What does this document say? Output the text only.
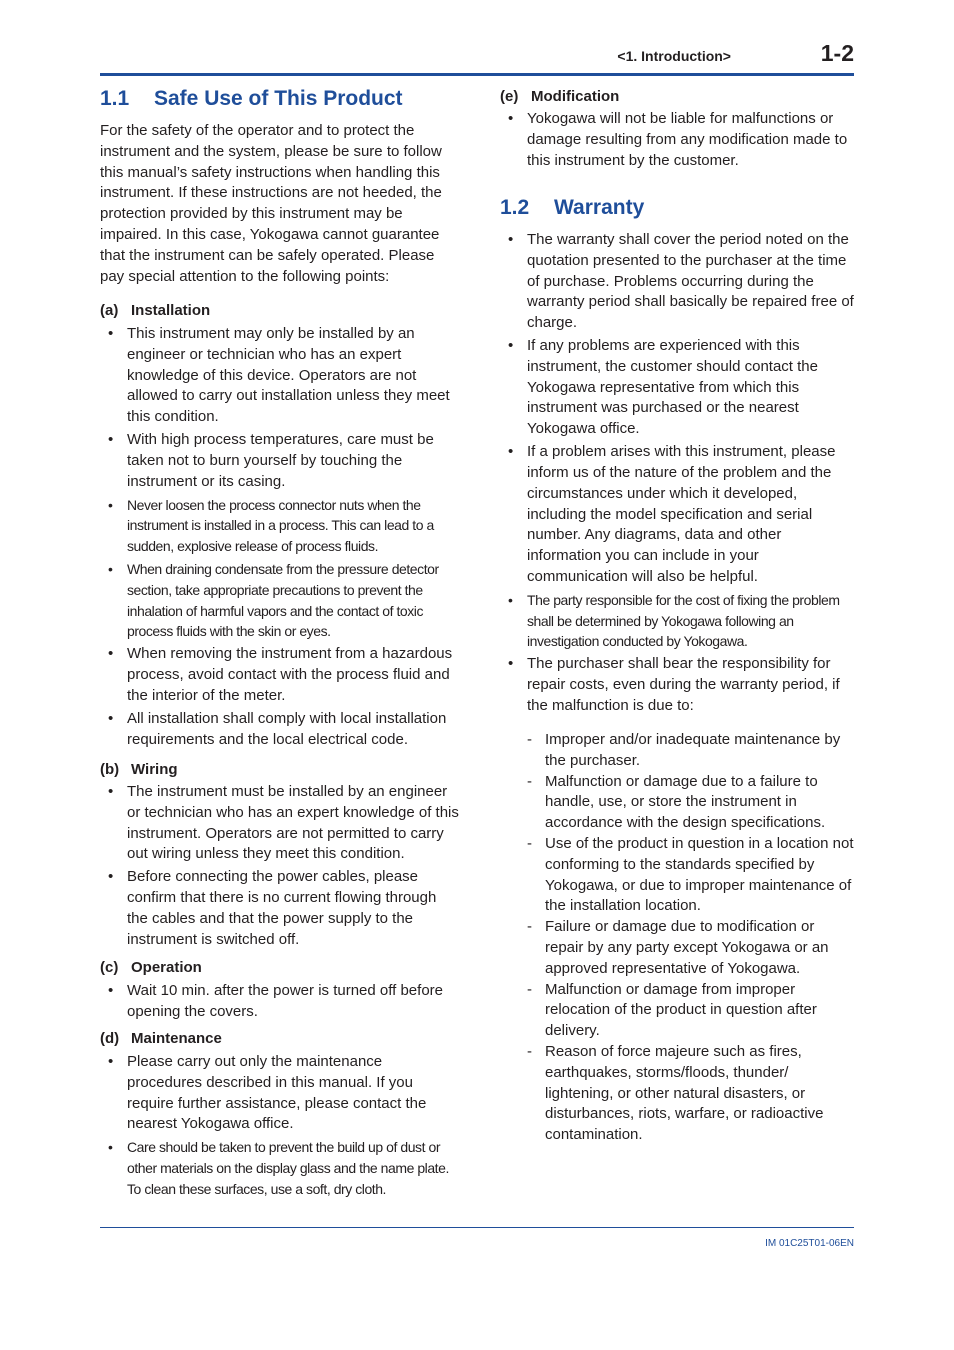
<1. Introduction>	1-2
1.1 Safe Use of This Product

For the safety of the operator and to protect the instrument and the system, please be sure to follow this manual’s safety instructions when handling this instrument. If these instructions are not heeded, the protection provided by this instrument may be impaired. In this case, Yokogawa cannot guarantee that the instrument can be safely operated. Please pay special attention to the following points:

(a) Installation
• This instrument may only be installed by an engineer or technician who has an expert knowledge of this device. Operators are not allowed to carry out installation unless they meet this condition.
• With high process temperatures, care must be taken not to burn yourself by touching the instrument or its casing.
• Never loosen the process connector nuts when the instrument is installed in a process. This can lead to a sudden, explosive release of process fluids.
• When draining condensate from the pressure detector section, take appropriate precautions to prevent the inhalation of harmful vapors and the contact of toxic process fluids with the skin or eyes.
• When removing the instrument from a hazardous process, avoid contact with the process fluid and the interior of the meter.
• All installation shall comply with local installation requirements and the local electrical code.
(b) Wiring
• The instrument must be installed by an engineer or technician who has an expert knowledge of this instrument. Operators are not permitted to carry out wiring unless they meet this condition.
• Before connecting the power cables, please confirm that there is no current flowing through the cables and that the power supply to the instrument is switched off.
(c) Operation
• Wait 10 min. after the power is turned off before opening the covers.
(d) Maintenance
• Please carry out only the maintenance procedures described in this manual. If you require further assistance, please contact the nearest Yokogawa office.
• Care should be taken to prevent the build up of dust or other materials on the display glass and the name plate. To clean these surfaces, use a soft, dry cloth.
(e) Modification
• Yokogawa will not be liable for malfunctions or damage resulting from any modification made to this instrument by the customer.
1.2 Warranty
• The warranty shall cover the period noted on the quotation presented to the purchaser at the time of purchase. Problems occurring during the warranty period shall basically be repaired free of charge.
• If any problems are experienced with this instrument, the customer should contact the Yokogawa representative from which this instrument was purchased or the nearest Yokogawa office.
• If a problem arises with this instrument, please inform us of the nature of the problem and the circumstances under which it developed, including the model specification and serial number. Any diagrams, data and other information you can include in your communication will also be helpful.
• The party responsible for the cost of fixing the problem shall be determined by Yokogawa following an investigation conducted by Yokogawa.
• The purchaser shall bear the responsibility for repair costs, even during the warranty period, if the malfunction is due to:
- Improper and/or inadequate maintenance by the purchaser.
- Malfunction or damage due to a failure to handle, use, or store the instrument in accordance with the design specifications.
- Use of the product in question in a location not conforming to the standards specified by Yokogawa, or due to improper maintenance of the installation location.
- Failure or damage due to modification or repair by any party except Yokogawa or an approved representative of Yokogawa.
- Malfunction or damage from improper relocation of the product in question after delivery.
- Reason of force majeure such as fires, earthquakes, storms/floods, thunder/ lightening, or other natural disasters, or disturbances, riots, warfare, or radioactive contamination.
IM 01C25T01-06EN
